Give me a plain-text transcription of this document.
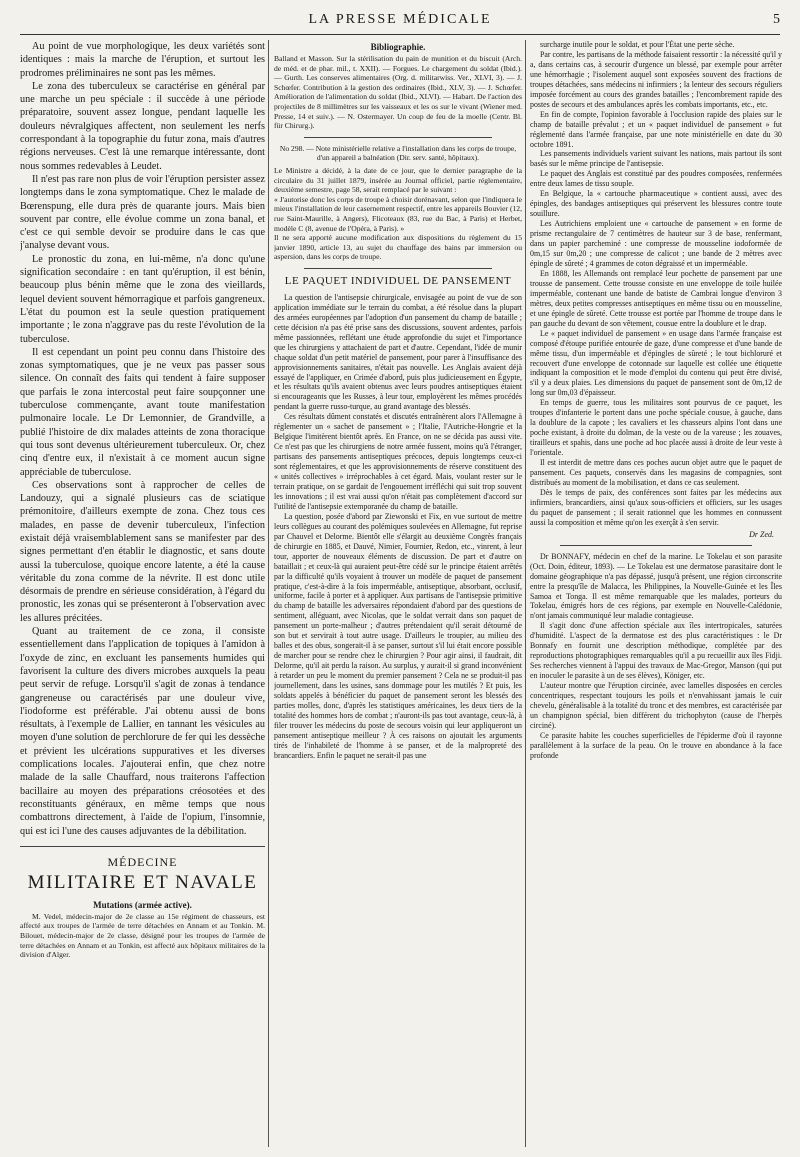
LA PRESSE MÉDICALE	5

Au point de vue morphologique, les deux variétés sont identiques : mais la marche de l'éruption, et surtout les prodromes préliminaires ne sont pas les mêmes.

Le zona des tuberculeux se caractérise en général par une marche un peu spéciale : il succède à une période préparatoire, souvent assez longue, pendant laquelle les douleurs névralgiques affectent, non seulement les nerfs correspondant à la topographie du futur zona, mais d'autres régions nerveuses. C'est là une remarque intéressante, dont nous sommes redevables à Leudet.

Il n'est pas rare non plus de voir l'éruption persister assez longtemps dans le zona symptomatique. Chez le malade de Bœrenspung, elle dura près de quarante jours. Mais bien souvent par contre, elle évolue comme un zona banal, et c'est ce qui semble devoir se produire dans le cas que j'analyse devant vous.

Le pronostic du zona, en lui-même, n'a donc qu'une signification secondaire : en tant qu'éruption, il est bénin, beaucoup plus bénin même que le zona des vieillards, lequel devient souvent hémorragique et parfois gangreneux. L'état du poumon est la seule question pratiquement importante ; le zona n'aggrave pas du reste l'évolution de la tuberculose.

Il est cependant un point peu connu dans l'histoire des zonas symptomatiques, que je ne veux pas passer sous silence. On connaît des faits qui tendent à faire supposer que parfais le zona intercostal peut faire soupçonner une tuberculose commençante, avant toute manifestation pulmonaire locale. Le Dr Lemonnier, de Grandville, a publié l'histoire de dix malades atteints de zona thoracique qui tous sont devenus ultérieurement tuberculeux. Or, chez cinq d'entre eux, il n'existait à ce moment aucun signe appréciable de tuberculose.

Ces observations sont à rapprocher de celles de Landouzy, qui a signalé plusieurs cas de sciatique prémonitoire, d'ailleurs exempte de zona. Chez tous ces malades, en passe de devenir tuberculeux, l'infection existait déjà vraisemblablement sans se manifester par des signes permettant d'en établir le diagnostic, et sans doute aussi la tuberculose, quoique encore latente, a été la cause véritable du zona comme de la névrite. Il est donc utile désormais de prendre en sérieuse considération, à l'égard du pronostic, les zonas qui se présenteront à l'observation avec les allures précitées.

Quant au traitement de ce zona, il consiste essentiellement dans l'application de topiques à l'amidon à l'oxyde de zinc, en excluant les pansements humides qui favorisent la culture des divers microbes auxquels la peau peut servir de refuge. Lorsqu'il s'agit de zonas à tendance gangreneuse ou caractérisés par une douleur vive, l'iodoforme est préférable. J'ai obtenu aussi de bons résultats, à l'exemple de Lallier, en tannant les vésicules au moyen d'une solution de perchlorure de fer qui les dessèche et prévient les ulcérations suppuratives et les diverses complications locales. J'ajouterai enfin, que chez notre malade de la salle Chauffard, nous traiterons l'affection bacillaire au moyen des préparations créosotées et des reconstituants généraux, en même temps que nous combattrons directement, à l'aide de l'opium, l'insomnie, qui est ici l'une des causes adjuvantes de la débilitation.

MÉDECINE
MILITAIRE ET NAVALE
Mutations (armée active).

M. Vedel, médecin-major de 2e classe au 15e régiment de chasseurs, est affecté aux troupes de l'armée de terre détachées en Annam et au Tonkin. M. Bilouet, médecin-major de 2e classe, désigné pour les troupes de l'armée de terre détachées en Annam et au Tonkin, est affecté aux hôpitaux militaires de la division d'Alger.

Bibliographie.

Balland et Masson. Sur la stérilisation du pain de munition et du biscuit (Arch. de méd. et de phar. mil., t. XXII). — Forgues. Le chargement du soldat (Ibid.). — Gurth. Les conserves alimentaires (Org. d. militarwiss. Ver., XLVI, 3). — J. Schœfer. Contribution à la gestion des ordinaires (Ibid., XLV, 3). — J. Schœfer. Amélioration de l'alimentation du soldat (Ibid., XLVI). — Habart. De l'action des projectiles de 8 millimètres sur les vaisseaux et les os sur le vivant (Wiener med. Presse, 14 et suiv.). — N. Ostermayer. Un coup de feu de la moelle (Centr. Bl. für Chirurg.).

No 298. — Note ministérielle relative a l'installation dans les corps de troupe, d'un appareil a balnéation (Dir. serv. santé, hôpitaux).

Le Ministre a décidé, à la date de ce jour, que le dernier paragraphe de la circulaire du 31 juillet 1879, insérée au Journal officiel, partie réglementaire, deuxième semestre, page 58, serait remplacé par le suivant :

« J'autorise donc les corps de troupe à choisir dorénavant, selon que l'indiquera le mieux l'installation de leur casernement respectif, entre les appareils Bouvier (12, rue Saint-Maurille, à Angers), Flicoteaux (83, rue du Bac, à Paris) et Herbet, modèle C (8, avenue de l'Opéra, à Paris). »

Il ne sera apporté aucune modification aux dispositions du règlement du 15 janvier 1890, article 13, au sujet du chauffage des bains par immersion ou aspersion, dans les corps de troupe.

LE PAQUET INDIVIDUEL DE PANSEMENT

La question de l'antisepsie chirurgicale, envisagée au point de vue de son application immédiate sur le terrain du combat, a été résolue dans la plupart des armées européennes par l'adoption d'un pansement du champ de bataille ; cette décision n'a pas été prise sans des discussions, souvent ardentes, parfois même passionnées, reflétant une étude approfondie du sujet et l'importance que les chirurgiens y attachaient de part et d'autre. Cependant, l'idée de munir chaque soldat d'un petit matériel de pansement, pour parer à l'insuffisance des approvisionnements sanitaires, n'était pas nouvelle. Les Anglais avaient déjà essayé de l'appliquer, en Crimée d'abord, puis plus judicieusement en Égypte, et les résultats qu'ils avaient obtenus avec leurs poudres antiseptiques étaient si encourageants que les Russes, à leur tour, employèrent les mêmes procédés pendant la guerre russo-turque, au grand avantage des blessés.

Ces résultats dûment constatés et discutés entraînèrent alors l'Allemagne à réglementer un « sachet de pansement » ; l'Italie, l'Autriche-Hongrie et la Belgique l'imitèrent bientôt après. En France, on ne se décida pas aussi vite. Ce n'est pas que les chirurgiens de notre armée fussent, moins qu'à l'étranger, partisans des pansements antiseptiques précoces, depuis longtemps ceux-ci sont réglementaires, et que les approvisionnements de réserve constituent des « unités collectives » irréprochables à cet égard. Mais, voulant rester sur le terrain pratique, on se gardait de l'engouement irréfléchi qui suit trop souvent les innovations ; il est vrai aussi qu'on n'était pas complètement d'accord sur l'utilité de l'antisepsie extemporanée du champ de bataille.

La question, posée d'abord par Ziewonski et Fix, en vue surtout de mettre leurs collègues au courant des polémiques soulevées en Allemagne, fut reprise par Chauvel et Delorme. Bientôt elle s'élargit au deuxième Congrès français de chirurgie en 1885, et Dauvé, Nimier, Fournier, Redon, etc., vinrent, à leur tour, apporter de nouveaux éléments de discussion. De part et d'autre on bataillait ; et ceux-là qui auraient peut-être cédé sur le principe étaient arrêtés par la difficulté qu'ils voyaient à trouver un modèle de paquet de pansement pratique, c'est-à-dire à la fois imperméable, antiseptique, absorbant, occlusif, uniforme, facile à porter et à appliquer. Aux partisans de l'antisepsie primitive du champ de bataille les adversaires répondaient d'abord par des questions de sentiment, alléguant, avec Nicolas, que le soldat verrait dans son paquet de pansement un porte-malheur ; d'autres prétendaient qu'il serait détourné de son but et servirait à tout autre usage. D'ailleurs le troupier, au milieu des balles et des obus, songerait-il à se panser, surtout s'il lui était encore possible de marcher pour se rendre chez le chirurgien ? Pour agir ainsi, il faudrait, dit Delorme, qu'il ait perdu la raison. Au surplus, y aurait-il si grand inconvénient à retarder un peu le moment du premier pansement ? Cela ne se produit-il pas journellement, dans les usines, sans dommage pour les mutilés ? Et puis, les soldats appelés à bénéficier du paquet de pansement seront les blessés des parties molles, donc, d'après les statistiques américaines, les deux tiers de la totalité des hommes hors de combat ; n'auront-ils pas tout avantage, ceux-là, à filer trouver les médecins du poste de secours voisin qui leur appliqueront un pansement antiseptique meilleur ? À ces raisons on ajoutait les arguments tirés de l'inhabileté de l'homme à se panser, et de la malpropreté des brancardiers. Enfin le paquet ne serait-il pas une

surcharge inutile pour le soldat, et pour l'État une perte sèche.

Par contre, les partisans de la méthode faisaient ressortir : la nécessité qu'il y a, dans certains cas, à secourir d'urgence un blessé, par exemple pour arrêter une hémorrhagie ; l'isolement auquel sont exposées souvent des fractions de troupes détachées, sans médecins ni infirmiers ; la lenteur des secours réguliers imposée forcément au cours des grandes batailles ; l'encombrement rapide des postes de secours et des ambulances après les combats importants, etc., etc.

En fin de compte, l'opinion favorable à l'occlusion rapide des plaies sur le champ de bataille prévalut ; et un « paquet individuel de pansement » fut réglementé dans l'armée française, par une note ministérielle en date du 30 octobre 1891.

Les pansements individuels varient suivant les nations, mais partout ils sont basés sur le même principe de l'antisepsie.

Le paquet des Anglais est constitué par des poudres composées, renfermées entre deux lames de tissu souple.

En Belgique, la « cartouche pharmaceutique » contient aussi, avec des épingles, des bandages antiseptiques qui préservent les blessures contre toute souillure.

Les Autrichiens emploient une « cartouche de pansement » en forme de prisme rectangulaire de 7 centimètres de hauteur sur 3 de base, renfermant, dans un papier parcheminé : une compresse de mousseline iodoformée de 0m,15 sur 0m,20 ; une compresse de calicot ; une bande de 2 mètres avec épingle de sûreté ; 4 grammes de coton dégraissé et un imperméable.

En 1888, les Allemands ont remplacé leur pochette de pansement par une trousse de pansement. Cette trousse consiste en une enveloppe de toile huilée imperméable, contenant une bande de batiste de Cambrai longue d'environ 3 mètres, deux petites compresses antiseptiques en même tissu ou en mousseline, et une épingle de sûreté. Cette trousse est portée par l'homme de troupe dans le pan gauche du devant de son vêtement, cousue entre la doublure et le drap.

Le « paquet individuel de pansement » en usage dans l'armée française est composé d'étoupe purifiée entourée de gaze, d'une compresse et d'une bande de même tissu, d'un imperméable et d'épingles de sûreté ; le tout bichloruré et recouvert d'une enveloppe de cotonnade sur laquelle est collée une étiquette indiquant la composition et le mode d'emploi du contenu qui peut être divisé, s'il y a deux plaies. Les dimensions du paquet de pansement sont de 0m,12 de long sur 0m,03 d'épaisseur.

En temps de guerre, tous les militaires sont pourvus de ce paquet, les troupes d'infanterie le portent dans une poche spéciale cousue, à gauche, dans la doublure de la capote ; les cavaliers et les chasseurs alpins l'ont dans une poche existant, à droite du dolman, de la veste ou de la vareuse ; les zouaves, tirailleurs et spahis, dans une poche ad hoc placée aussi à droite de leur veste à l'orientale.

Il est interdit de mettre dans ces poches aucun objet autre que le paquet de pansement. Ces paquets, conservés dans les magasins de compagnies, sont distribués au moment de la mobilisation, et dans ce cas seulement.

Dès le temps de paix, des conférences sont faites par les médecins aux infirmiers, brancardiers, ainsi qu'aux sous-officiers et officiers, sur les usages du paquet de pansement ; il serait rationnel que les hommes en connussent aussi la composition et même qu'on les exerçât à s'en servir.

Dr Zed.

Dr BONNAFY, médecin en chef de la marine. Le Tokelau et son parasite (Oct. Doin, éditeur, 1893). — Le Tokelau est une dermatose parasitaire dont le domaine géographique n'a pas dépassé, jusqu'à présent, une région circonscrite entre la presqu'île de Malacca, les Philippines, la Nouvelle-Guinée et les Îles Samoa et Tonga. Il est même remarquable que les malades, porteurs du Tokelau, émigrés hors de ces régions, par exemple en Nouvelle-Calédonie, n'ont jamais communiqué leur maladie contagieuse.

Il s'agit donc d'une affection spéciale aux îles intertropicales, saturées d'humidité. L'aspect de la dermatose est des plus caractéristiques : le Dr Bonnafy en fournit une description méthodique, complétée par des reproductions photographiques remarquables qu'il a pu recueillir aux îles Fidji. Ses recherches viennent à l'appui des travaux de Mac-Gregor, Manson (qui put en inoculer le parasite à un de ses élèves), Königer, etc.

L'auteur montre que l'éruption circinée, avec lamelles disposées en cercles concentriques, respectant toujours les poils et n'envahissant jamais le cuir chevelu, généralisable à la totalité du tronc et des membres, est caractérisée par un champignon spécial, bien différent du trichophyton (cause de l'herpès circiné).

Ce parasite habite les couches superficielles de l'épiderme d'où il rayonne parallèlement à la surface de la peau. On le trouve en abondance à la face profonde
